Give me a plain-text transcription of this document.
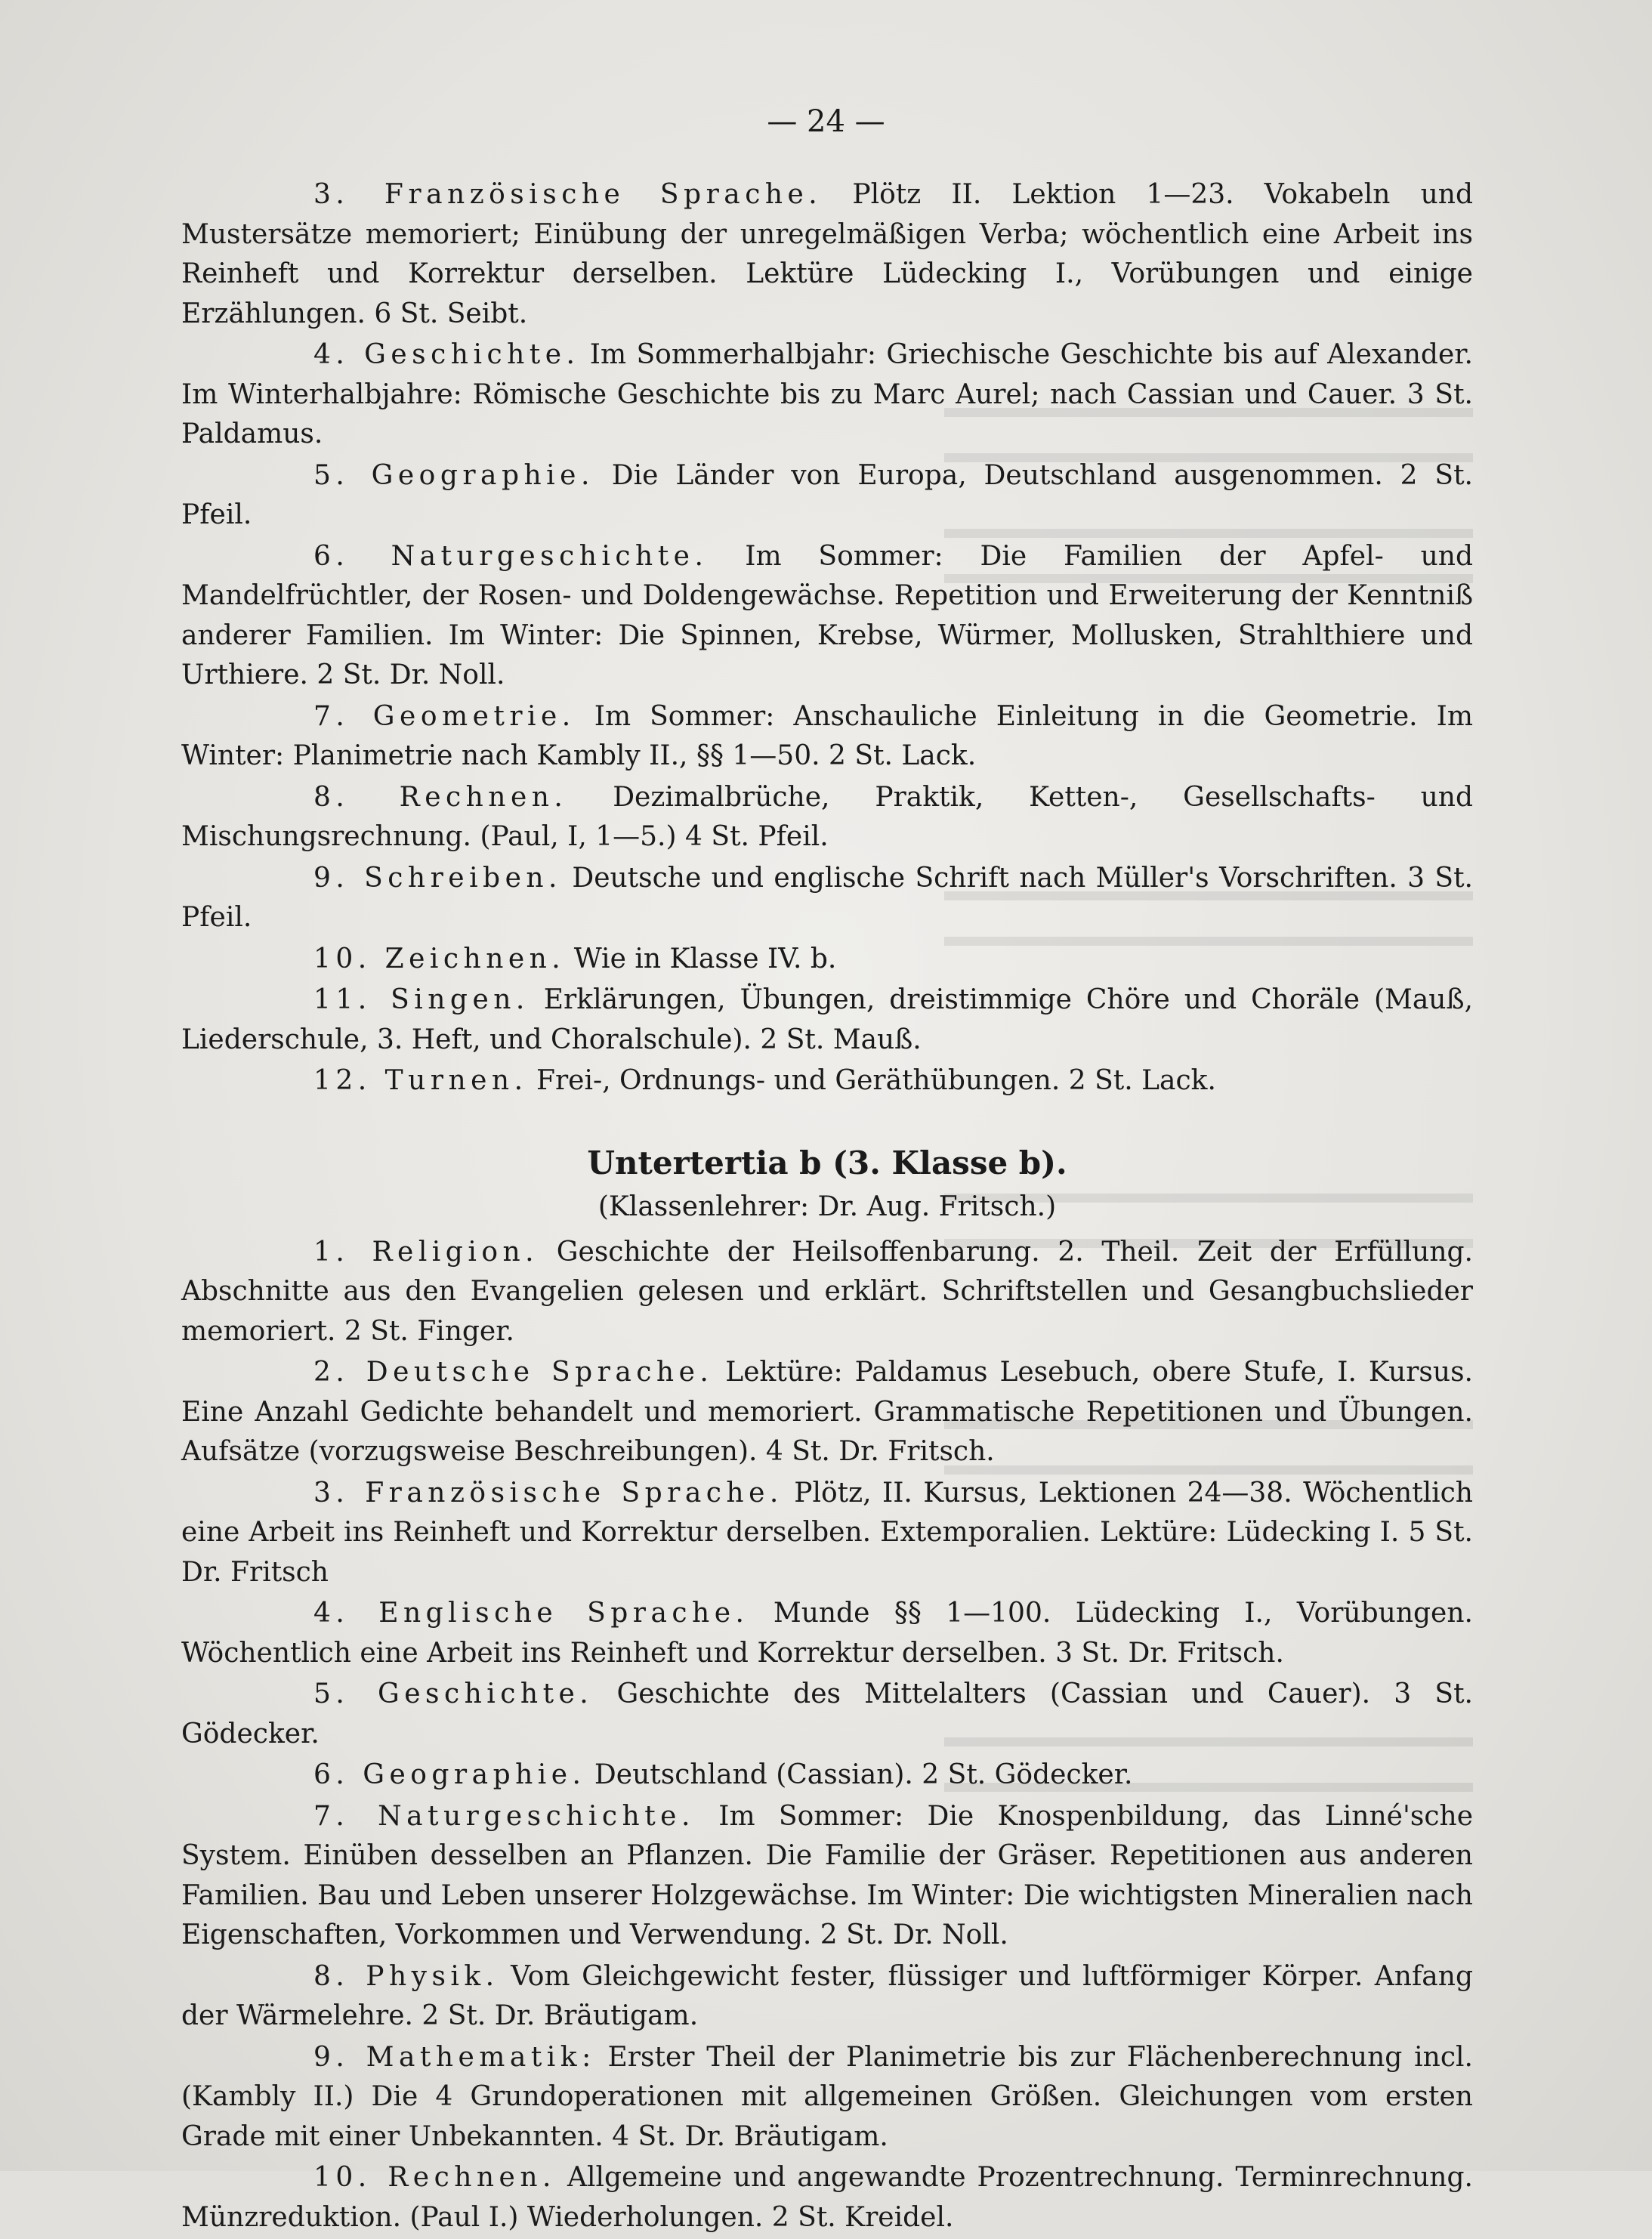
— 24 —

3. Französische Sprache. Plötz II. Lektion 1—23. Vokabeln und Mustersätze memoriert; Einübung der unregelmäßigen Verba; wöchentlich eine Arbeit ins Reinheft und Korrektur derselben. Lektüre Lüdecking I., Vorübungen und einige Erzählungen. 6 St. Seibt.

4. Geschichte. Im Sommerhalbjahr: Griechische Geschichte bis auf Alexander. Im Winterhalbjahre: Römische Geschichte bis zu Marc Aurel; nach Cassian und Cauer. 3 St. Paldamus.

5. Geographie. Die Länder von Europa, Deutschland ausgenommen. 2 St. Pfeil.

6. Naturgeschichte. Im Sommer: Die Familien der Apfel- und Mandelfrüchtler, der Rosen- und Doldengewächse. Repetition und Erweiterung der Kenntniß anderer Familien. Im Winter: Die Spinnen, Krebse, Würmer, Mollusken, Strahlthiere und Urthiere. 2 St. Dr. Noll.

7. Geometrie. Im Sommer: Anschauliche Einleitung in die Geometrie. Im Winter: Planimetrie nach Kambly II., §§ 1—50. 2 St. Lack.

8. Rechnen. Dezimalbrüche, Praktik, Ketten-, Gesellschafts- und Mischungsrechnung. (Paul, I, 1—5.) 4 St. Pfeil.

9. Schreiben. Deutsche und englische Schrift nach Müller's Vorschriften. 3 St. Pfeil.

10. Zeichnen. Wie in Klasse IV. b.

11. Singen. Erklärungen, Übungen, dreistimmige Chöre und Choräle (Mauß, Liederschule, 3. Heft, und Choralschule). 2 St. Mauß.

12. Turnen. Frei-, Ordnungs- und Geräthübungen. 2 St. Lack.

Untertertia b (3. Klasse b).
(Klassenlehrer: Dr. Aug. Fritsch.)

1. Religion. Geschichte der Heilsoffenbarung. 2. Theil. Zeit der Erfüllung. Abschnitte aus den Evangelien gelesen und erklärt. Schriftstellen und Gesangbuchslieder memoriert. 2 St. Finger.

2. Deutsche Sprache. Lektüre: Paldamus Lesebuch, obere Stufe, I. Kursus. Eine Anzahl Gedichte behandelt und memoriert. Grammatische Repetitionen und Übungen. Aufsätze (vorzugsweise Beschreibungen). 4 St. Dr. Fritsch.

3. Französische Sprache. Plötz, II. Kursus, Lektionen 24—38. Wöchentlich eine Arbeit ins Reinheft und Korrektur derselben. Extemporalien. Lektüre: Lüdecking I. 5 St. Dr. Fritsch

4. Englische Sprache. Munde §§ 1—100. Lüdecking I., Vorübungen. Wöchentlich eine Arbeit ins Reinheft und Korrektur derselben. 3 St. Dr. Fritsch.

5. Geschichte. Geschichte des Mittelalters (Cassian und Cauer). 3 St. Gödecker.

6. Geographie. Deutschland (Cassian). 2 St. Gödecker.

7. Naturgeschichte. Im Sommer: Die Knospenbildung, das Linné'sche System. Einüben desselben an Pflanzen. Die Familie der Gräser. Repetitionen aus anderen Familien. Bau und Leben unserer Holzgewächse. Im Winter: Die wichtigsten Mineralien nach Eigenschaften, Vorkommen und Verwendung. 2 St. Dr. Noll.

8. Physik. Vom Gleichgewicht fester, flüssiger und luftförmiger Körper. Anfang der Wärmelehre. 2 St. Dr. Bräutigam.

9. Mathematik: Erster Theil der Planimetrie bis zur Flächenberechnung incl. (Kambly II.) Die 4 Grundoperationen mit allgemeinen Größen. Gleichungen vom ersten Grade mit einer Unbekannten. 4 St. Dr. Bräutigam.

10. Rechnen. Allgemeine und angewandte Prozentrechnung. Terminrechnung. Münzreduktion. (Paul I.) Wiederholungen. 2 St. Kreidel.
